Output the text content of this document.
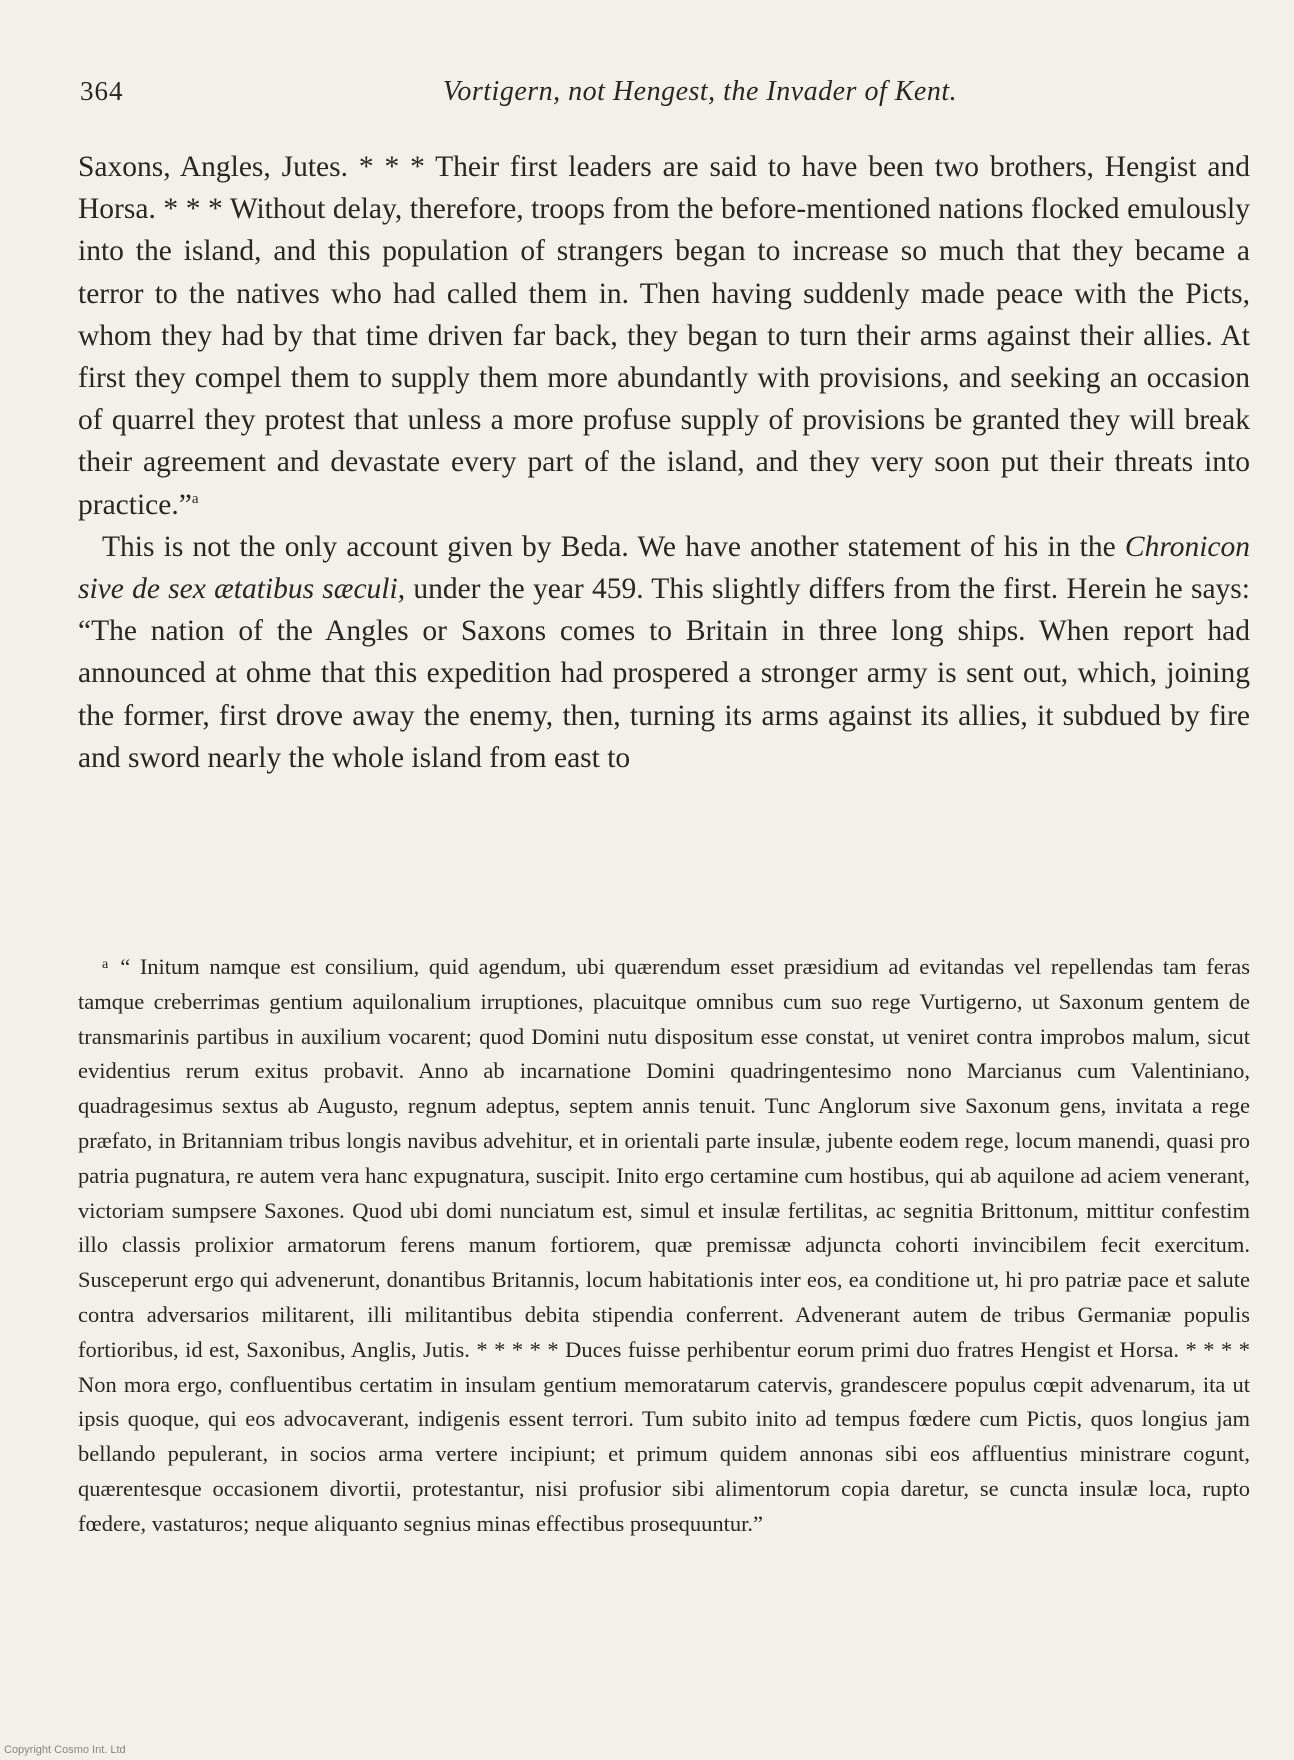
364	Vortigern, not Hengest, the Invader of Kent.

Saxons, Angles, Jutes. * * * Their first leaders are said to have been two brothers, Hengist and Horsa. * * * Without delay, therefore, troops from the before-mentioned nations flocked emulously into the island, and this population of strangers began to increase so much that they became a terror to the natives who had called them in. Then having suddenly made peace with the Picts, whom they had by that time driven far back, they began to turn their arms against their allies. At first they compel them to supply them more abundantly with provisions, and seeking an occasion of quarrel they protest that unless a more profuse supply of provisions be granted they will break their agreement and devastate every part of the island, and they very soon put their threats into practice.”$^a$

This is not the only account given by Beda. We have another statement of his in the Chronicon sive de sex ætatibus sæculi, under the year 459. This slightly differs from the first. Herein he says: “The nation of the Angles or Saxons comes to Britain in three long ships. When report had announced at ohme that this expedition had prospered a stronger army is sent out, which, joining the former, first drove away the enemy, then, turning its arms against its allies, it subdued by fire and sword nearly the whole island from east to

$^a$ “ Initum namque est consilium, quid agendum, ubi quærendum esset præsidium ad evitandas vel repellendas tam feras tamque creberrimas gentium aquilonalium irruptiones, placuitque omnibus cum suo rege Vurtigerno, ut Saxonum gentem de transmarinis partibus in auxilium vocarent; quod Domini nutu dispositum esse constat, ut veniret contra improbos malum, sicut evidentius rerum exitus probavit. Anno ab incarnatione Domini quadringentesimo nono Marcianus cum Valentiniano, quadragesimus sextus ab Augusto, regnum adeptus, septem annis tenuit. Tunc Anglorum sive Saxonum gens, invitata a rege præfato, in Britanniam tribus longis navibus advehitur, et in orientali parte insulæ, jubente eodem rege, locum manendi, quasi pro patria pugnatura, re autem vera hanc expugnatura, suscipit. Inito ergo certamine cum hostibus, qui ab aquilone ad aciem venerant, victoriam sumpsere Saxones. Quod ubi domi nunciatum est, simul et insulæ fertilitas, ac segnitia Brittonum, mittitur confestim illo classis prolixior armatorum ferens manum fortiorem, quæ premissæ adjuncta cohorti invincibilem fecit exercitum. Susceperunt ergo qui advenerunt, donantibus Britannis, locum habitationis inter eos, ea conditione ut, hi pro patriæ pace et salute contra adversarios militarent, illi militantibus debita stipendia conferrent. Advenerant autem de tribus Germaniæ populis fortioribus, id est, Saxonibus, Anglis, Jutis. * * * * * Duces fuisse perhibentur eorum primi duo fratres Hengist et Horsa. * * * * Non mora ergo, confluentibus certatim in insulam gentium memoratarum catervis, grandescere populus cœpit advenarum, ita ut ipsis quoque, qui eos advocaverant, indigenis essent terrori. Tum subito inito ad tempus fœdere cum Pictis, quos longius jam bellando pepulerant, in socios arma vertere incipiunt; et primum quidem annonas sibi eos affluentius ministrare cogunt, quærentesque occasionem divortii, protestantur, nisi profusior sibi alimentorum copia daretur, se cuncta insulæ loca, rupto fœdere, vastaturos; neque aliquanto segnius minas effectibus prosequuntur.”

Copyright Cosmo Int. Ltd
